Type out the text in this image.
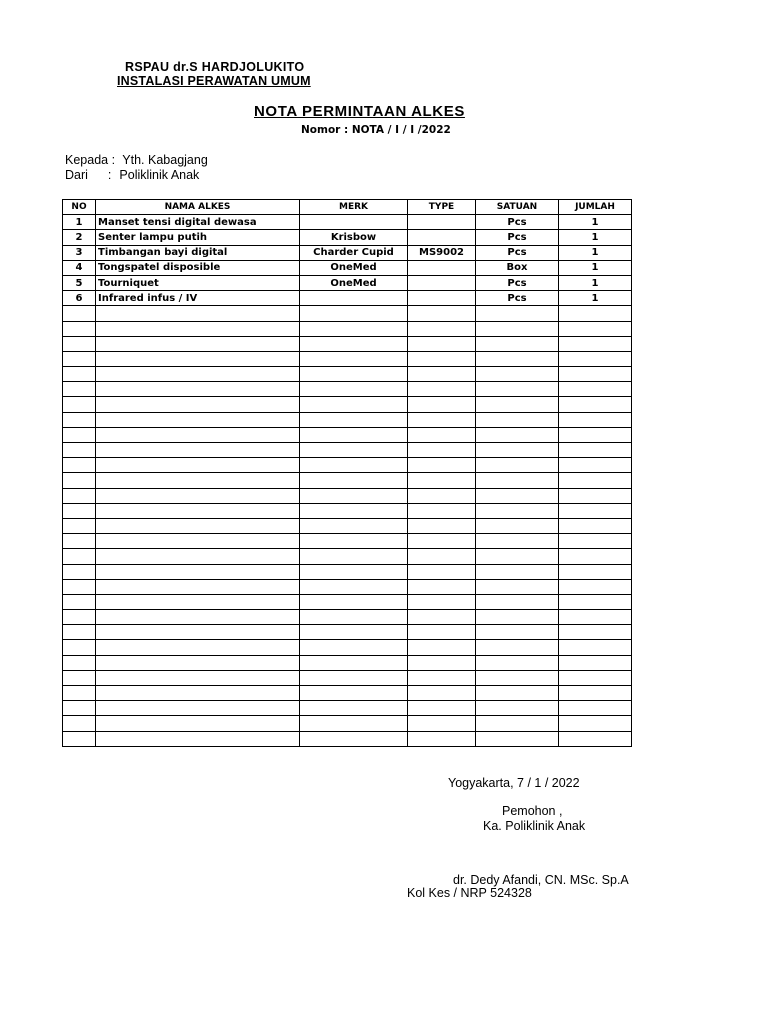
RSPAU dr.S HARDJOLUKITO
INSTALASI PERAWATAN UMUM
NOTA PERMINTAAN ALKES
Nomor : NOTA / I / I /2022
Kepada : Yth. Kabagjang
Dari : Poliklinik Anak
NO	NAMA ALKES	MERK	TYPE	SATUAN	JUMLAH
1	Manset tensi digital dewasa			Pcs	1
2	Senter lampu putih	Krisbow		Pcs	1
3	Timbangan bayi digital	Charder Cupid	MS9002	Pcs	1
4	Tongspatel disposible	OneMed		Box	1
5	Tourniquet	OneMed		Pcs	1
6	Infrared infus / IV			Pcs	1

Yogyakarta, 7 / 1 / 2022
Pemohon ,
Ka. Poliklinik Anak
dr. Dedy Afandi, CN. MSc. Sp.A
Kol Kes / NRP 524328
